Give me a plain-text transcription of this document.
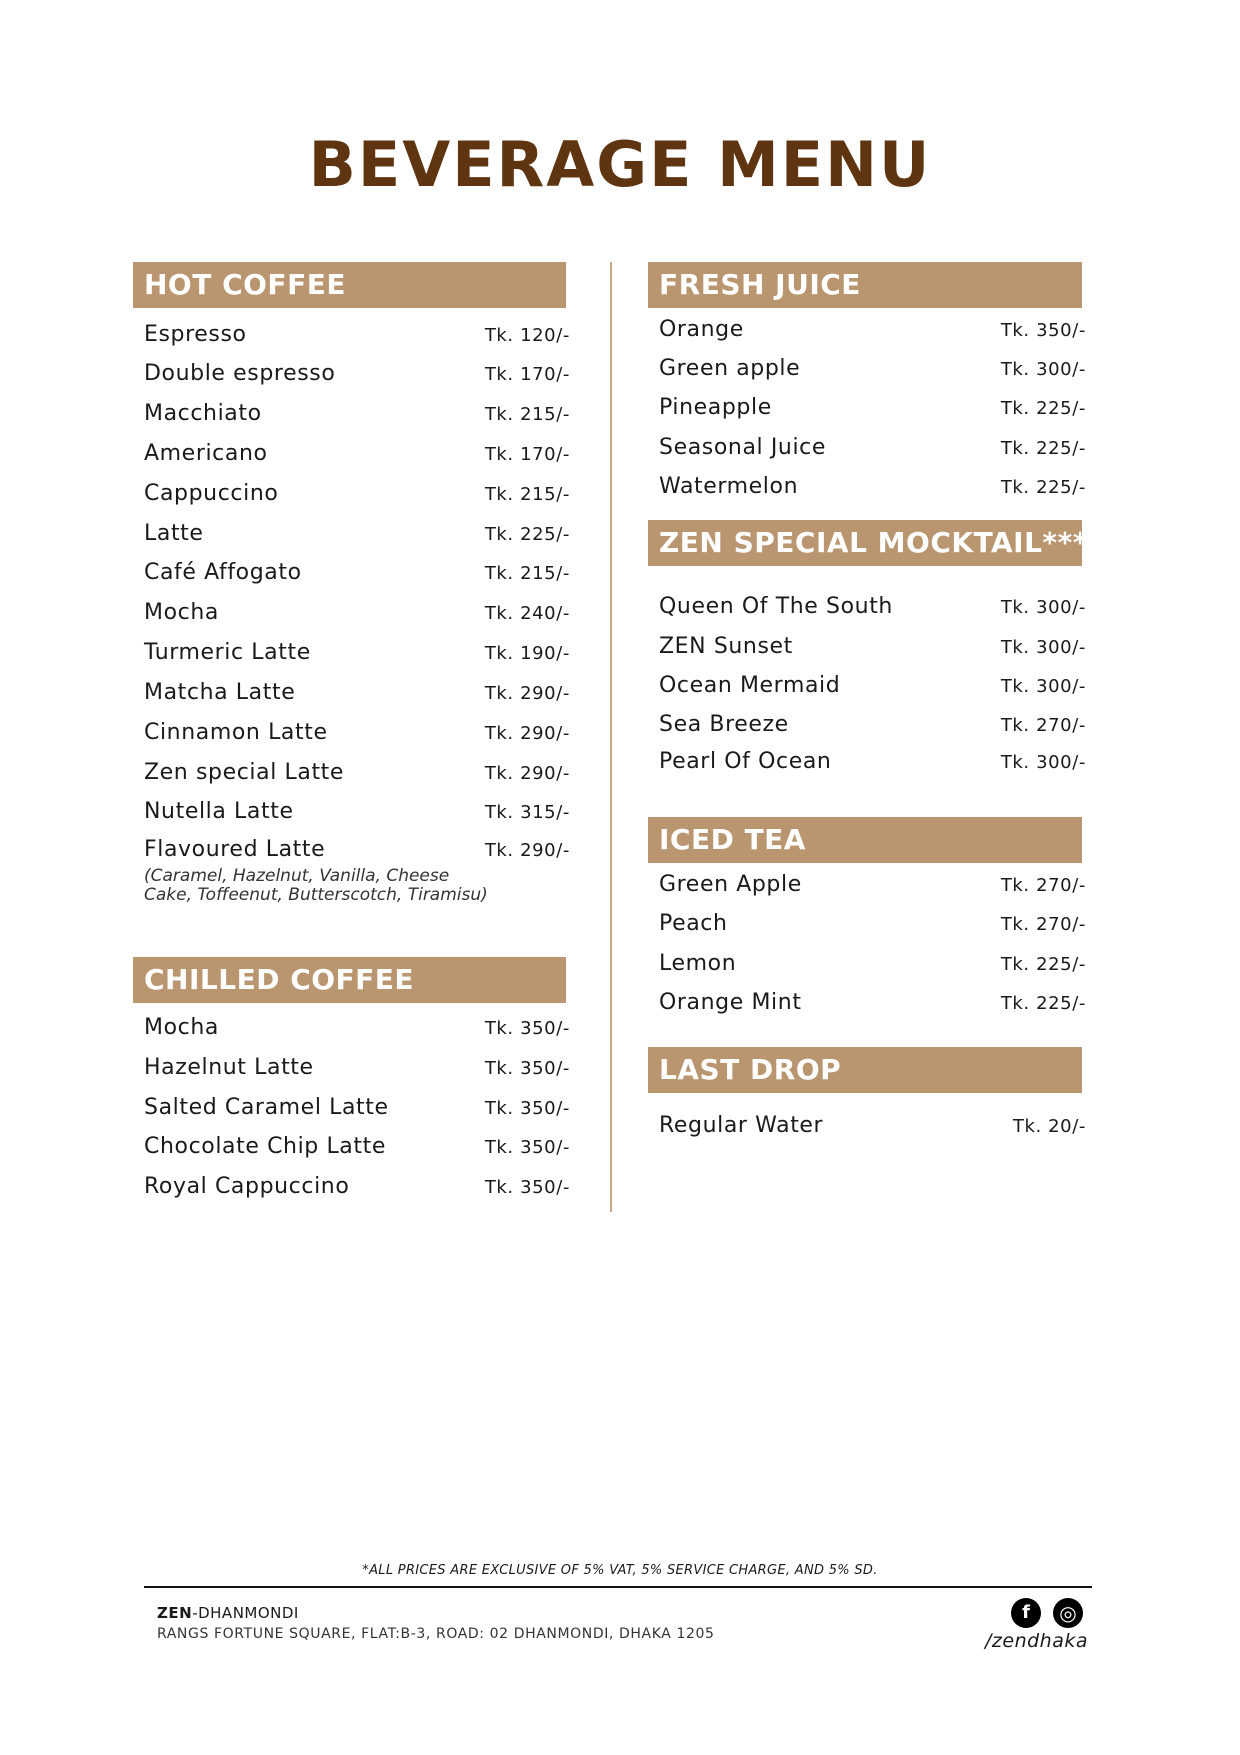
BEVERAGE MENU
HOT COFFEE
Espresso	Tk. 120/-
Double espresso	Tk. 170/-
Macchiato	Tk. 215/-
Americano	Tk. 170/-
Cappuccino	Tk. 215/-
Latte	Tk. 225/-
Café Affogato	Tk. 215/-
Mocha	Tk. 240/-
Turmeric Latte	Tk. 190/-
Matcha Latte	Tk. 290/-
Cinnamon Latte	Tk. 290/-
Zen special Latte	Tk. 290/-
Nutella Latte	Tk. 315/-
Flavoured Latte	Tk. 290/-
(Caramel, Hazelnut, Vanilla, Cheese
Cake, Toffeenut, Butterscotch, Tiramisu)
CHILLED COFFEE
Mocha	Tk. 350/-
Hazelnut Latte	Tk. 350/-
Salted Caramel Latte	Tk. 350/-
Chocolate Chip Latte	Tk. 350/-
Royal Cappuccino	Tk. 350/-
FRESH JUICE
Orange	Tk. 350/-
Green apple	Tk. 300/-
Pineapple	Tk. 225/-
Seasonal Juice	Tk. 225/-
Watermelon	Tk. 225/-
ZEN SPECIAL MOCKTAIL***
Queen Of The South	Tk. 300/-
ZEN Sunset	Tk. 300/-
Ocean Mermaid	Tk. 300/-
Sea Breeze	Tk. 270/-
Pearl Of Ocean	Tk. 300/-
ICED TEA
Green Apple	Tk. 270/-
Peach	Tk. 270/-
Lemon	Tk. 225/-
Orange Mint	Tk. 225/-
LAST DROP
Regular Water	Tk. 20/-
*ALL PRICES ARE EXCLUSIVE OF 5% VAT, 5% SERVICE CHARGE, AND 5% SD.
ZEN-DHANMONDI
RANGS FORTUNE SQUARE, FLAT:B-3, ROAD: 02 DHANMONDI, DHAKA 1205
f	◎
/zendhaka
